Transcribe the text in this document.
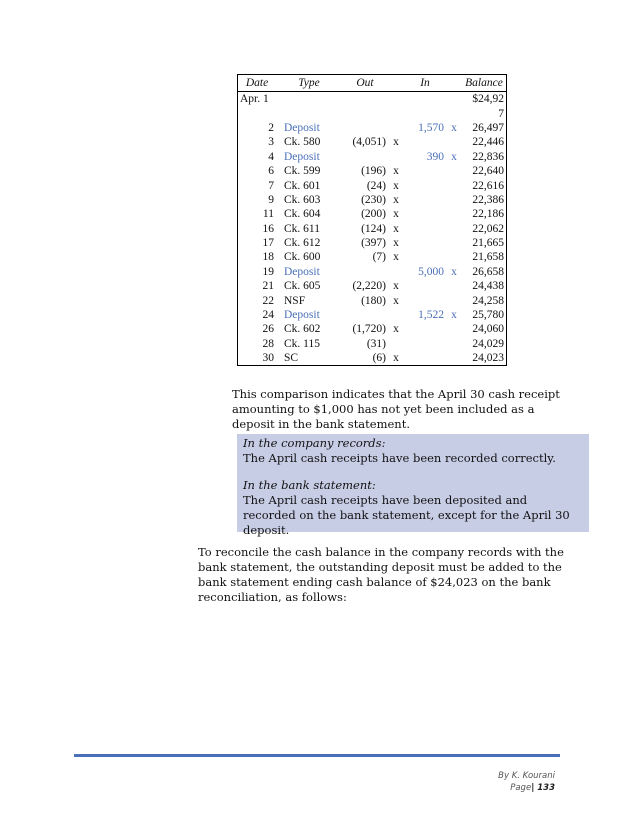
Date	Type	Out		In		Balance
Apr. 1						$24,92

						7
2	Deposit			1,570	x	26,497
3	Ck. 580	(4,051)	x			22,446
4	Deposit			390	x	22,836
6	Ck. 599	(196)	x			22,640
7	Ck. 601	(24)	x			22,616
9	Ck. 603	(230)	x			22,386
11	Ck. 604	(200)	x			22,186
16	Ck. 611	(124)	x			22,062
17	Ck. 612	(397)	x			21,665
18	Ck. 600	(7)	x			21,658
19	Deposit			5,000	x	26,658
21	Ck. 605	(2,220)	x			24,438
22	NSF	(180)	x			24,258
24	Deposit			1,522	x	25,780
26	Ck. 602	(1,720)	x			24,060
28	Ck. 115	(31)				24,029
30	SC	(6)	x			24,023

This comparison indicates that the April 30 cash receipt amounting to $1,000 has not yet been included as a deposit in the bank statement.

In the company records:

The April cash receipts have been recorded correctly.

In the bank statement:

The April cash receipts have been deposited and recorded on the bank statement, except for the April 30 deposit.

To reconcile the cash balance in the company records with the bank statement, the outstanding deposit must be added to the bank statement ending cash balance of $24,023 on the bank reconciliation, as follows:

By K. Kourani
Page| 133
